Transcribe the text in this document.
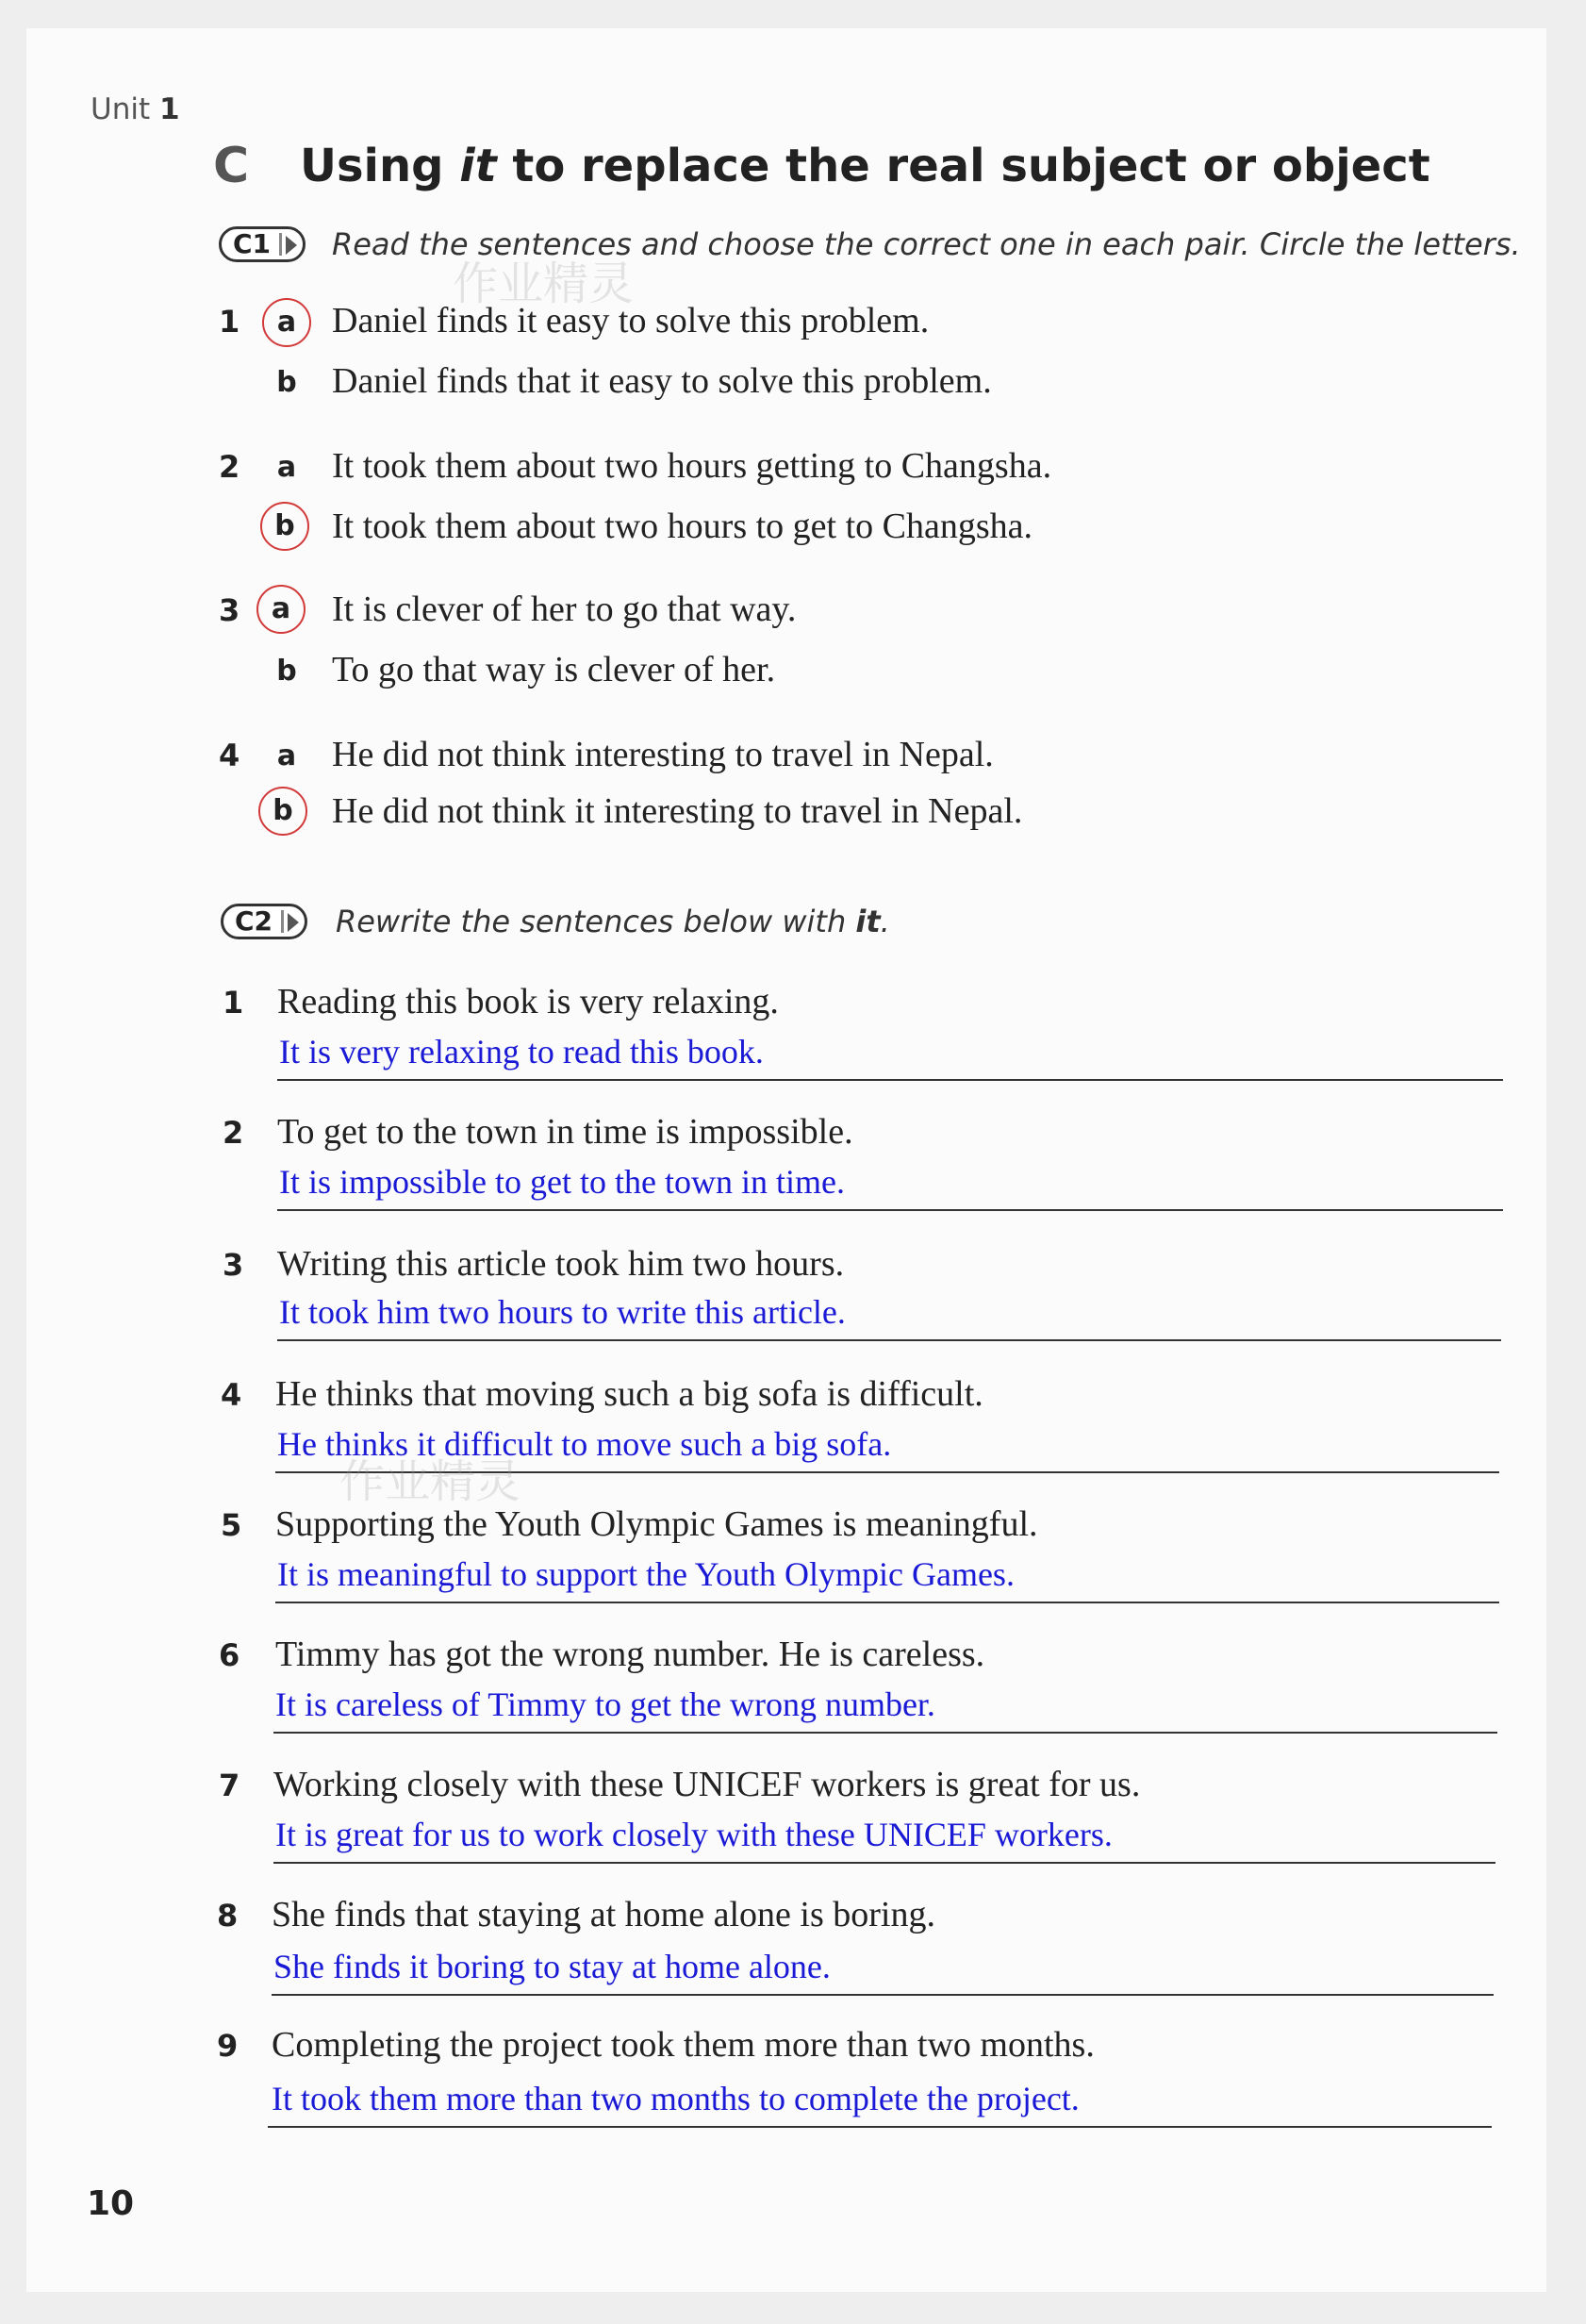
Unit 1
C Using it to replace the real subject or object
C1	Read the sentences and choose the correct one in each pair. Circle the letters.
1	a Daniel finds it easy to solve this problem.
b Daniel finds that it easy to solve this problem.
2	a It took them about two hours getting to Changsha.
b It took them about two hours to get to Changsha.
3	a It is clever of her to go that way.
b To go that way is clever of her.
4	a He did not think interesting to travel in Nepal.
b He did not think it interesting to travel in Nepal.
C2	Rewrite the sentences below with it.
1 Reading this book is very relaxing.
It is very relaxing to read this book.
2 To get to the town in time is impossible.
It is impossible to get to the town in time.
3 Writing this article took him two hours.
It took him two hours to write this article.
4 He thinks that moving such a big sofa is difficult.
He thinks it difficult to move such a big sofa.
5 Supporting the Youth Olympic Games is meaningful.
It is meaningful to support the Youth Olympic Games.
6 Timmy has got the wrong number. He is careless.
It is careless of Timmy to get the wrong number.
7 Working closely with these UNICEF workers is great for us.
It is great for us to work closely with these UNICEF workers.
8 She finds that staying at home alone is boring.
She finds it boring to stay at home alone.
9 Completing the project took them more than two months.
It took them more than two months to complete the project.
10
作业精灵
作业精灵
